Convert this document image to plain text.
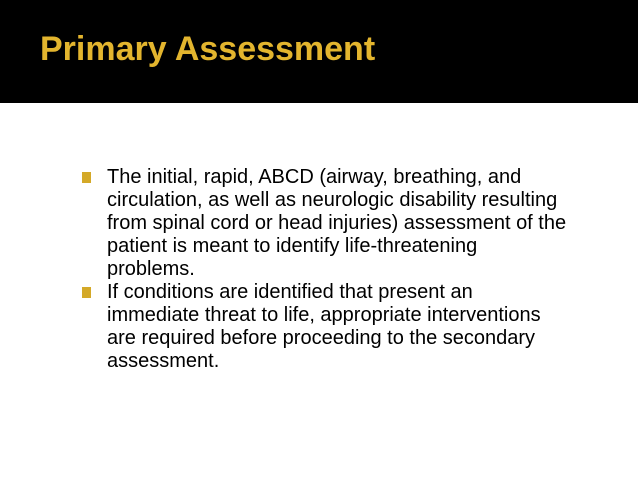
Primary Assessment
The initial, rapid, ABCD (airway, breathing, and circulation, as well as neurologic disability resulting from spinal cord or head injuries) assessment of the patient is meant to identify life-threatening problems.
If conditions are identified that present an immediate threat to life, appropriate interventions are required before proceeding to the secondary assessment.
